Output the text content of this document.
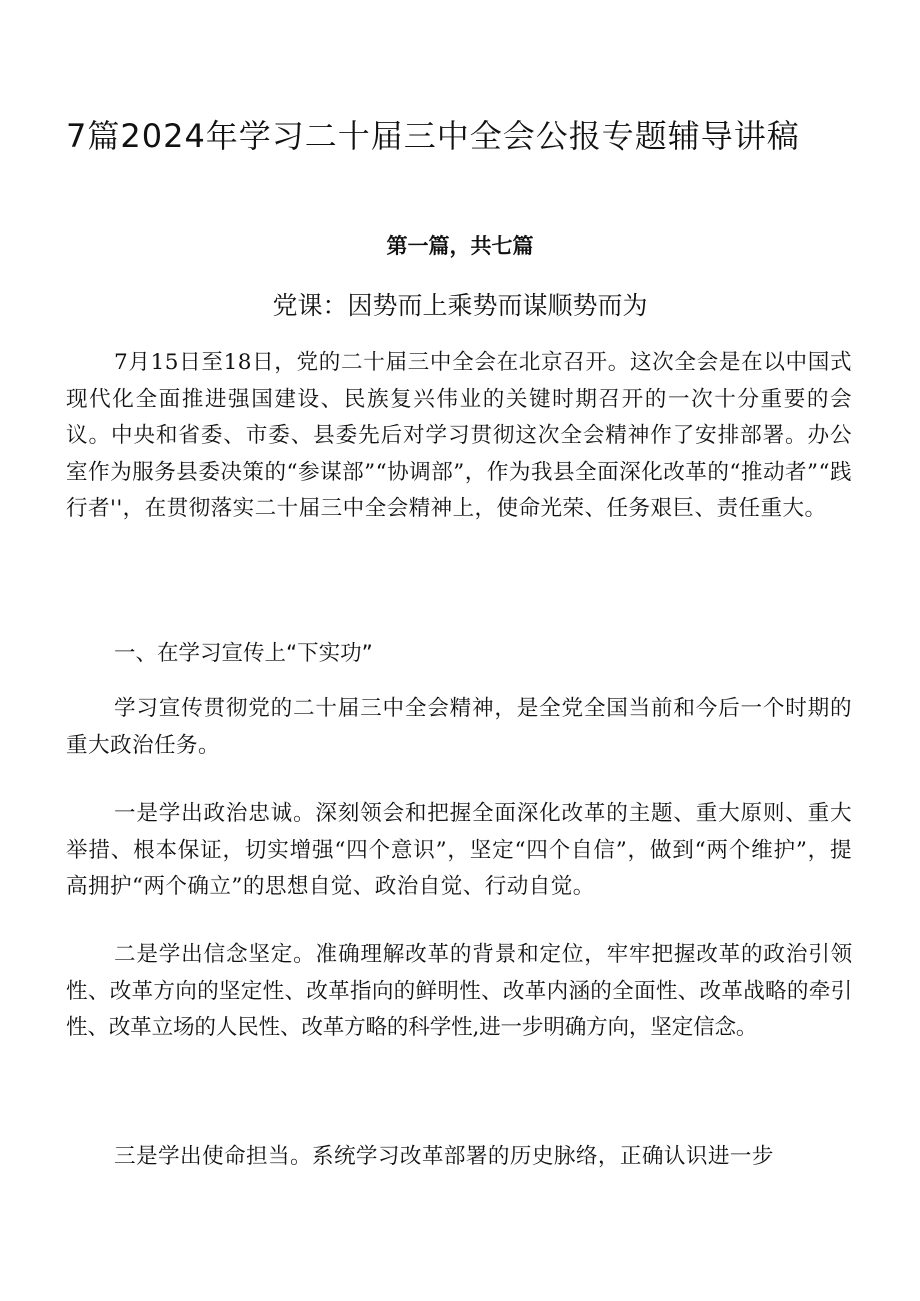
7篇2024年学习二十届三中全会公报专题辅导讲稿
第一篇，共七篇
党课：因势而上乘势而谋顺势而为

7月15日至18日，党的二十届三中全会在北京召开。这次全会是在以中国式现代化全面推进强国建设、民族复兴伟业的关键时期召开的一次十分重要的会议。中央和省委、市委、县委先后对学习贯彻这次全会精神作了安排部署。办公室作为服务县委决策的“参谋部”“协调部”，作为我县全面深化改革的“推动者”“践行者''，在贯彻落实二十届三中全会精神上，使命光荣、任务艰巨、责任重大。

一、在学习宣传上“下实功”

学习宣传贯彻党的二十届三中全会精神，是全党全国当前和今后一个时期的重大政治任务。

一是学出政治忠诚。深刻领会和把握全面深化改革的主题、重大原则、重大举措、根本保证，切实增强“四个意识”，坚定“四个自信”，做到“两个维护”，提高拥护“两个确立”的思想自觉、政治自觉、行动自觉。

二是学出信念坚定。准确理解改革的背景和定位，牢牢把握改革的政治引领性、改革方向的坚定性、改革指向的鲜明性、改革内涵的全面性、改革战略的牵引性、改革立场的人民性、改革方略的科学性,进一步明确方向，坚定信念。

三是学出使命担当。系统学习改革部署的历史脉络，正确认识进一步
